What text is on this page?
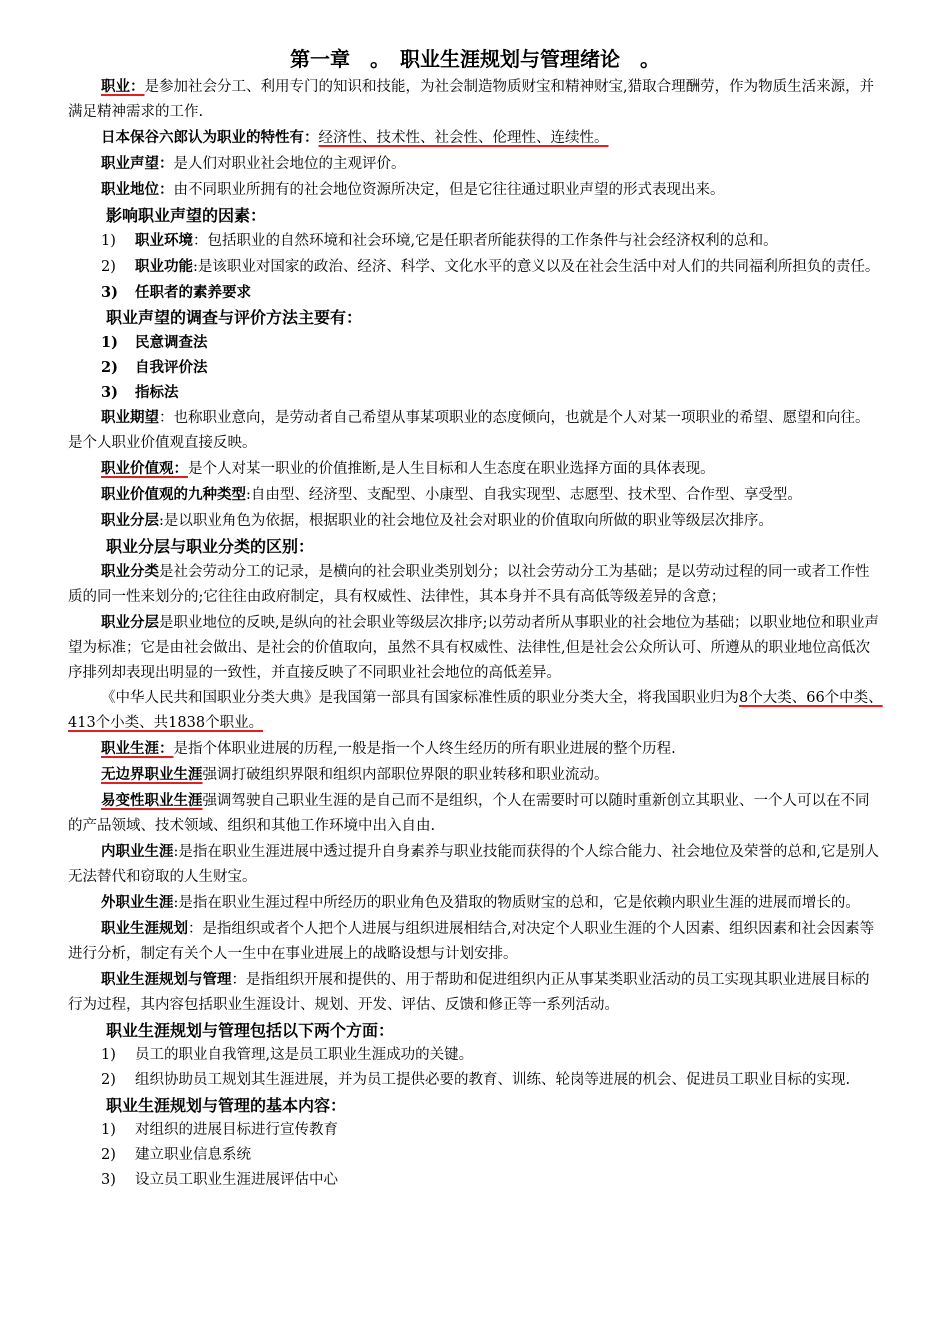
第一章　。　职业生涯规划与管理绪论　。

职业：是参加社会分工、利用专门的知识和技能，为社会制造物质财宝和精神财宝,猎取合理酬劳，作为物质生活来源，并满足精神需求的工作.

日本保谷六郎认为职业的特性有：经济性、技术性、社会性、伦理性、连续性。

职业声望：是人们对职业社会地位的主观评价。

职业地位：由不同职业所拥有的社会地位资源所决定，但是它往往通过职业声望的形式表现出来。

影响职业声望的因素：

1) 职业环境：包括职业的自然环境和社会环境,它是任职者所能获得的工作条件与社会经济权利的总和。

2) 职业功能:是该职业对国家的政治、经济、科学、文化水平的意义以及在社会生活中对人们的共同福利所担负的责任。

3) 任职者的素养要求

职业声望的调查与评价方法主要有：

1) 民意调查法

2) 自我评价法

3) 指标法

职业期望：也称职业意向，是劳动者自己希望从事某项职业的态度倾向，也就是个人对某一项职业的希望、愿望和向往。是个人职业价值观直接反映。

职业价值观：是个人对某一职业的价值推断,是人生目标和人生态度在职业选择方面的具体表现。

职业价值观的九种类型:自由型、经济型、支配型、小康型、自我实现型、志愿型、技术型、合作型、享受型。

职业分层:是以职业角色为依据，根据职业的社会地位及社会对职业的价值取向所做的职业等级层次排序。

职业分层与职业分类的区别：

职业分类是社会劳动分工的记录，是横向的社会职业类别划分；以社会劳动分工为基础；是以劳动过程的同一或者工作性质的同一性来划分的;它往往由政府制定，具有权威性、法律性，其本身并不具有高低等级差异的含意；

职业分层是职业地位的反映,是纵向的社会职业等级层次排序;以劳动者所从事职业的社会地位为基础；以职业地位和职业声望为标准；它是由社会做出、是社会的价值取向，虽然不具有权威性、法律性,但是社会公众所认可、所遵从的职业地位高低次序排列却表现出明显的一致性，并直接反映了不同职业社会地位的高低差异。

《中华人民共和国职业分类大典》是我国第一部具有国家标准性质的职业分类大全，将我国职业归为8个大类、66个中类、413个小类、共1838个职业。

职业生涯：是指个体职业进展的历程,一般是指一个人终生经历的所有职业进展的整个历程.

无边界职业生涯强调打破组织界限和组织内部职位界限的职业转移和职业流动。

易变性职业生涯强调驾驶自己职业生涯的是自己而不是组织，个人在需要时可以随时重新创立其职业、一个人可以在不同的产品领域、技术领域、组织和其他工作环境中出入自由.

内职业生涯:是指在职业生涯进展中透过提升自身素养与职业技能而获得的个人综合能力、社会地位及荣誉的总和,它是别人无法替代和窃取的人生财宝。

外职业生涯:是指在职业生涯过程中所经历的职业角色及猎取的物质财宝的总和，它是依赖内职业生涯的进展而增长的。

职业生涯规划：是指组织或者个人把个人进展与组织进展相结合,对决定个人职业生涯的个人因素、组织因素和社会因素等进行分析，制定有关个人一生中在事业进展上的战略设想与计划安排。

职业生涯规划与管理：是指组织开展和提供的、用于帮助和促进组织内正从事某类职业活动的员工实现其职业进展目标的行为过程，其内容包括职业生涯设计、规划、开发、评估、反馈和修正等一系列活动。

职业生涯规划与管理包括以下两个方面：

1) 员工的职业自我管理,这是员工职业生涯成功的关键。

2) 组织协助员工规划其生涯进展，并为员工提供必要的教育、训练、轮岗等进展的机会、促进员工职业目标的实现.

职业生涯规划与管理的基本内容：

1) 对组织的进展目标进行宣传教育

2) 建立职业信息系统

3) 设立员工职业生涯进展评估中心
